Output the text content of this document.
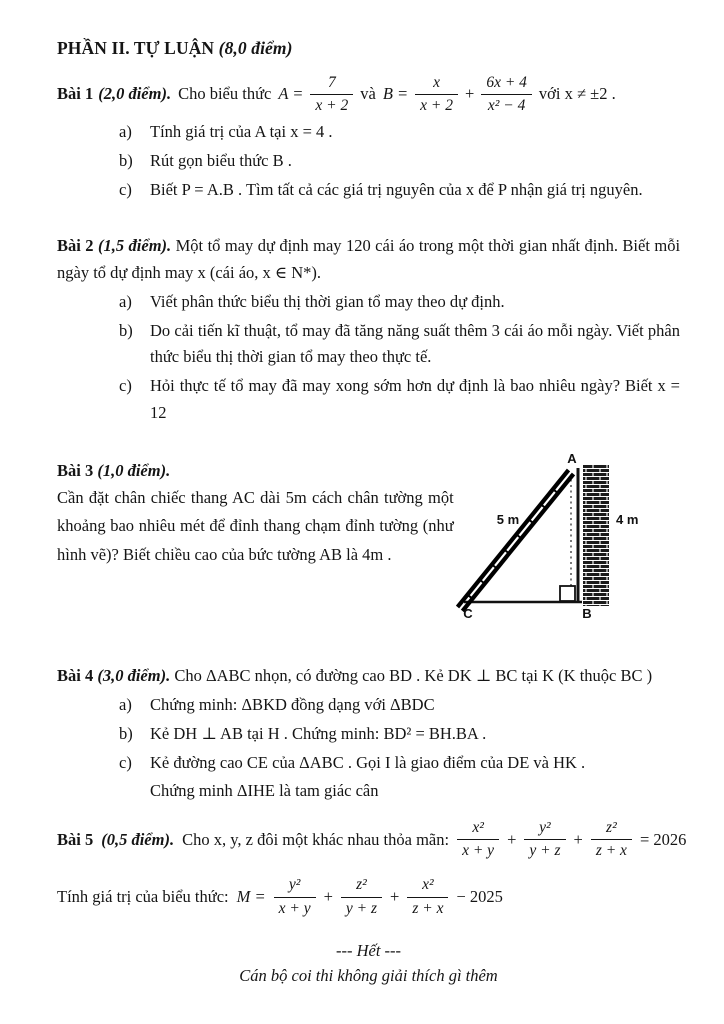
PHẦN II. TỰ LUẬN (8,0 điểm)
Bài 1 (2,0 điểm). Cho biểu thức $A = \frac{7}{x + 2}$ và $B = \frac{x}{x + 2} + \frac{6x + 4}{\text{x² − 4}}$ với x ≠ ±2 .
a)	Tính giá trị của A tại x = 4 .
b)	Rút gọn biểu thức B .
c)	Biết P = A.B . Tìm tất cả các giá trị nguyên của x để P nhận giá trị nguyên.
Bài 2 (1,5 điểm). Một tổ may dự định may 120 cái áo trong một thời gian nhất định. Biết mỗi ngày tổ dự định may x (cái áo, x ∈ N*).
a)	Viết phân thức biểu thị thời gian tổ may theo dự định.
b)	Do cải tiến kĩ thuật, tổ may đã tăng năng suất thêm 3 cái áo mỗi ngày. Viết phân thức biểu thị thời gian tổ may theo thực tế.
c)	Hỏi thực tế tổ may đã may xong sớm hơn dự định là bao nhiêu ngày? Biết x = 12
Bài 3 (1,0 điểm).
Cần đặt chân chiếc thang AC dài 5m cách chân tường một khoảng bao nhiêu mét để đỉnh thang chạm đỉnh tường (như hình vẽ)? Biết chiều cao của bức tường AB là 4m .
A
B
C
5 m	4 m
Bài 4 (3,0 điểm). Cho ΔABC nhọn, có đường cao BD . Kẻ DK ⊥ BC tại K (K thuộc BC )
a)	Chứng minh: ΔBKD đồng dạng với ΔBDC
b)	Kẻ DH ⊥ AB tại H . Chứng minh: BD² = BH.BA .
c)	Kẻ đường cao CE của ΔABC . Gọi I là giao điểm của DE và HK .
Chứng minh ΔIHE là tam giác cân
Bài 5 (0,5 điểm). Cho x, y, z đôi một khác nhau thỏa mãn: $\frac{\text{x²}}{x + y} + \frac{\text{y²}}{y + z} + \frac{\text{z²}}{z + x} = 2026$
Tính giá trị của biểu thức: $M = \frac{\text{y²}}{x + y} + \frac{\text{z²}}{y + z} + \frac{\text{x²}}{z + x} - 2025$
--- Hết ---
Cán bộ coi thi không giải thích gì thêm
